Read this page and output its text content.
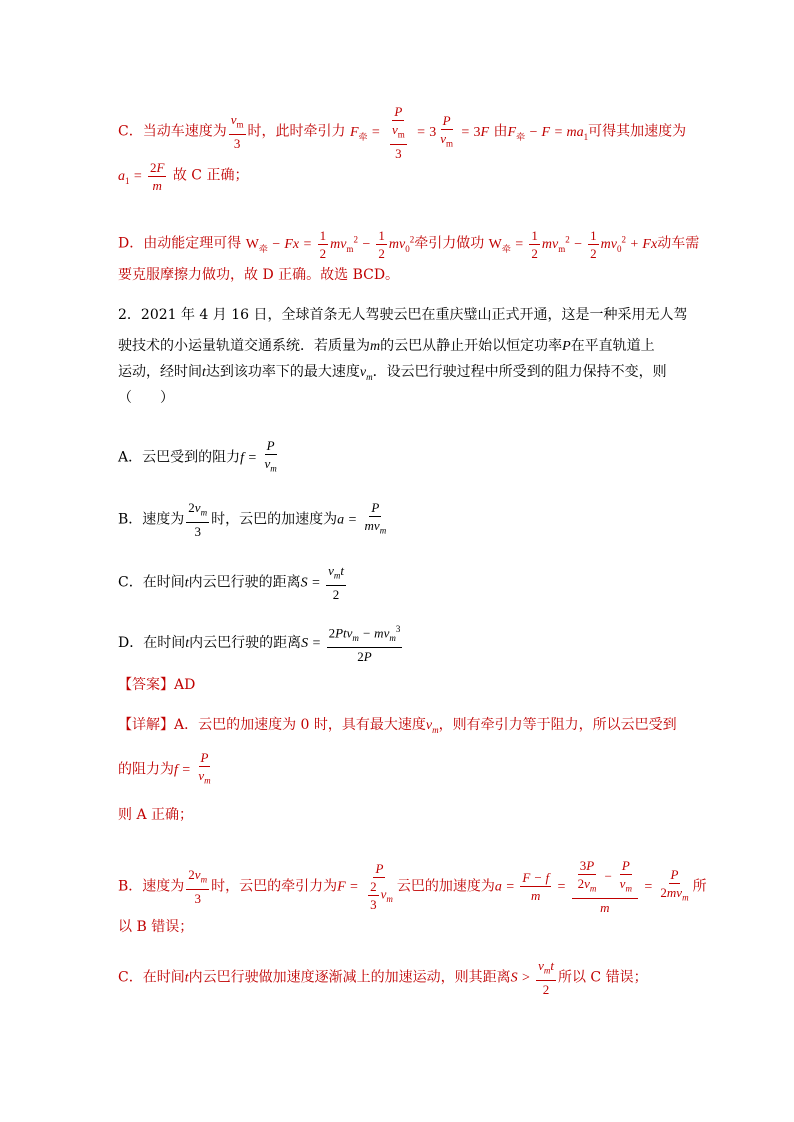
C．当动车速度为 $\frac{v_m}{3}$ 时，此时牵引力 $F_牵 = \frac{P}{\frac{v_m}{3}} = 3 \frac{P}{v_m} = 3F$ 由$F_牵 - F = ma_1$可得其加速度为
$a_1 = \frac{2F}{m}$ 故 C 正确；
D．由动能定理可得 $W_牵 - Fx = \frac{1}{2} mv_m^2 - \frac{1}{2} mv_0^2$牵引力做功 $W_牵 = \frac{1}{2} mv_m^2 - \frac{1}{2} mv_0^2 + Fx$动车需
要克服摩擦力做功，故 D 正确。故选 BCD。
2．2021 年 4 月 16 日，全球首条无人驾驶云巴在重庆璧山正式开通，这是一种采用无人驾
驶技术的小运量轨道交通系统．若质量为m的云巴从静止开始以恒定功率P在平直轨道上
运动，经时间t达到该功率下的最大速度$v_m$．设云巴行驶过程中所受到的阻力保持不变，则
（　　）
A．云巴受到的阻力$f = \frac{P}{v_m}$
B．速度为 $\frac{2v_m}{3}$ 时，云巴的加速度为$a = \frac{P}{mv_m}$
C．在时间t内云巴行驶的距离$S = \frac{v_mt}{2}$
D．在时间t内云巴行驶的距离$S = \frac{2Ptv_m - mv_m^3}{2P}$
【答案】AD
【详解】A．云巴的加速度为 0 时，具有最大速度$v_m$，则有牵引力等于阻力，所以云巴受到
的阻力为$f = \frac{P}{v_m}$
则 A 正确；
B．速度为 $\frac{2v_m}{3}$ 时，云巴的牵引力为$F = \frac{P}{\frac{2}{3} v_m}$ 云巴的加速度为$a = \frac{F - f}{m} = \frac{\frac{3P}{2v_m} - \frac{P}{v_m}}{m} = \frac{P}{2mv_m}$ 所
以 B 错误；
C．在时间t内云巴行驶做加速度逐渐减上的加速运动，则其距离$S > \frac{v_mt}{2}$ 所以 C 错误；
